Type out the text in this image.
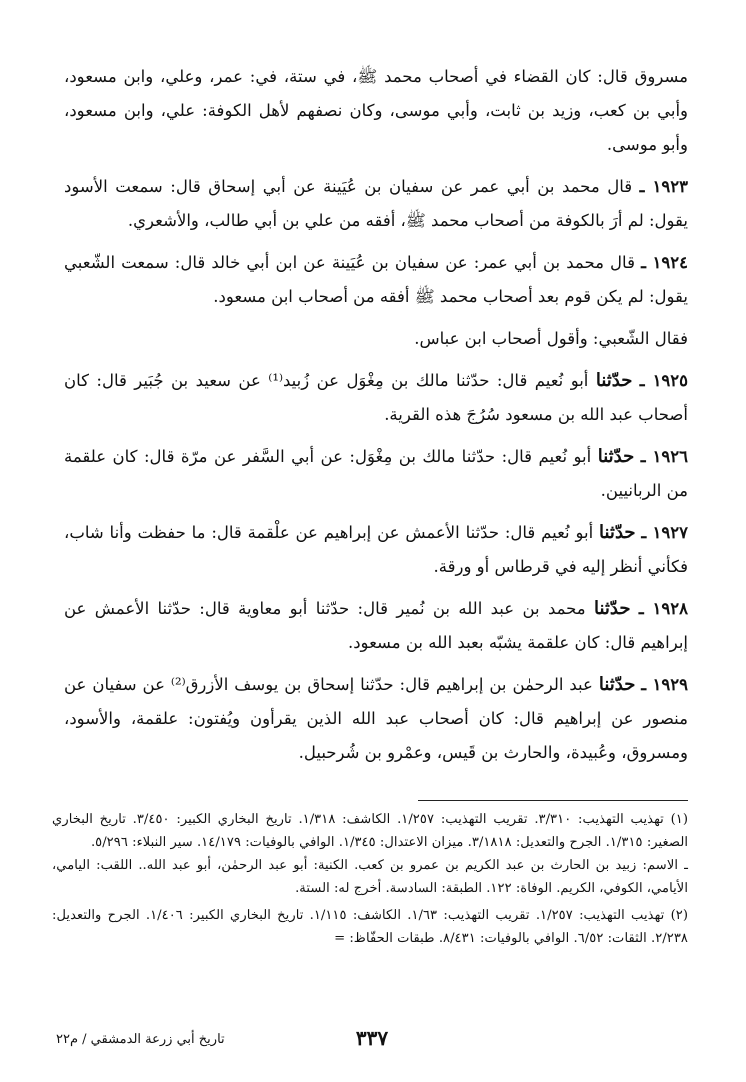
مسروق قال: كان القضاء في أصحاب محمد ﷺ، في ستة، في: عمر، وعلي، وابن مسعود، وأبي بن كعب، وزيد بن ثابت، وأبي موسى، وكان نصفهم لأهل الكوفة: علي، وابن مسعود، وأبو موسى.

١٩٢٣ ـ قال محمد بن أبي عمر عن سفيان بن عُيَينة عن أبي إسحاق قال: سمعت الأسود يقول: لم أرَ بالكوفة من أصحاب محمد ﷺ، أفقه من علي بن أبي طالب، والأشعري.

١٩٢٤ ـ قال محمد بن أبي عمر: عن سفيان بن عُيَينة عن ابن أبي خالد قال: سمعت الشّعبي يقول: لم يكن قوم بعد أصحاب محمد ﷺ أفقه من أصحاب ابن مسعود.

فقال الشّعبي: وأقول أصحاب ابن عباس.

١٩٢٥ ـ حدّثنا أبو نُعيم قال: حدّثنا مالك بن مِغْوَل عن زُبيد⁽¹⁾ عن سعيد بن جُبَير قال: كان أصحاب عبد الله بن مسعود سُرُجَ هذه القرية.

١٩٢٦ ـ حدّثنا أبو نُعيم قال: حدّثنا مالك بن مِغْوَل: عن أبي السَّفر عن مرّة قال: كان علقمة من الربانيين.

١٩٢٧ ـ حدّثنا أبو نُعيم قال: حدّثنا الأعمش عن إبراهيم عن علْقمة قال: ما حفظت وأنا شاب، فكأني أنظر إليه في قرطاس أو ورقة.

١٩٢٨ ـ حدّثنا محمد بن عبد الله بن نُمير قال: حدّثنا أبو معاوية قال: حدّثنا الأعمش عن إبراهيم قال: كان علقمة يشبّه بعبد الله بن مسعود.

١٩٢٩ ـ حدّثنا عبد الرحمٰن بن إبراهيم قال: حدّثنا إسحاق بن يوسف الأزرق⁽²⁾ عن سفيان عن منصور عن إبراهيم قال: كان أصحاب عبد الله الذين يقرأون ويُفتون: علقمة، والأسود، ومسروق، وعُبيدة، والحارث بن قَيس، وعمْرو بن شُرحبيل.

(١) تهذيب التهذيب: ٣/٣١٠. تقريب التهذيب: ١/٢٥٧. الكاشف: ١/٣١٨. تاريخ البخاري الكبير: ٣/٤٥٠. تاريخ البخاري الصغير: ١/٣١٥. الجرح والتعديل: ٣/١٨١٨. ميزان الاعتدال: ١/٣٤٥. الوافي بالوفيات: ١٤/١٧٩. سير النبلاء: ٥/٢٩٦.

ـ الاسم: زبيد بن الحارث بن عبد الكريم بن عمرو بن كعب. الكنية: أبو عبد الرحمٰن، أبو عبد الله.. اللقب: اليامي، الأيامي، الكوفي، الكريم. الوفاة: ١٢٢. الطبقة: السادسة. أخرج له: الستة.

(٢) تهذيب التهذيب: ١/٢٥٧. تقريب التهذيب: ١/٦٣. الكاشف: ١/١١٥. تاريخ البخاري الكبير: ١/٤٠٦. الجرح والتعديل: ٢/٢٣٨. الثقات: ٦/٥٢. الوافي بالوفيات: ٨/٤٣١. طبقات الحفّاظ: =

٣٣٧
تاريخ أبي زرعة الدمشقي / م٢٢
